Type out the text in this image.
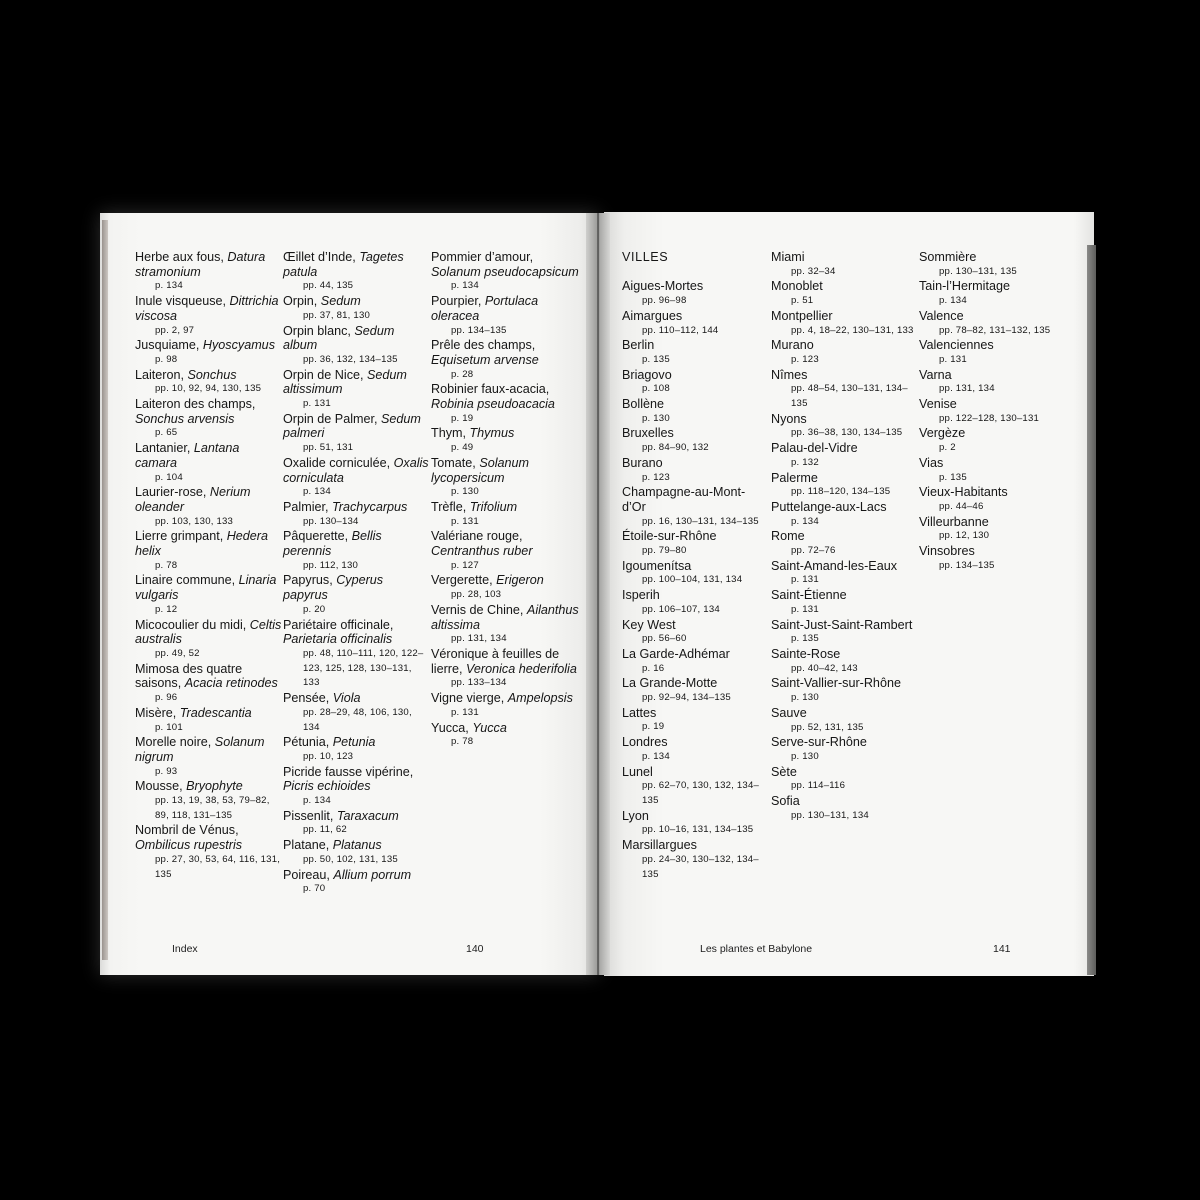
Herbe aux fous, Datura stramonium
p. 134
Inule visqueuse, Dittrichia viscosa
pp. 2, 97
Jusquiame, Hyoscyamus
p. 98
Laiteron, Sonchus
pp. 10, 92, 94, 130, 135
Laiteron des champs, Sonchus arvensis
p. 65
Lantanier, Lantana camara
p. 104
Laurier-rose, Nerium oleander
pp. 103, 130, 133
Lierre grimpant, Hedera helix
p. 78
Linaire commune, Linaria vulgaris
p. 12
Micocoulier du midi, Celtis australis
pp. 49, 52
Mimosa des quatre saisons, Acacia retinodes
p. 96
Misère, Tradescantia
p. 101
Morelle noire, Solanum nigrum
p. 93
Mousse, Bryophyte
pp. 13, 19, 38, 53, 79–82, 89, 118, 131–135
Nombril de Vénus, Ombilicus rupestris
pp. 27, 30, 53, 64, 116, 131, 135
Œillet d’Inde, Tagetes patula
pp. 44, 135
Orpin, Sedum
pp. 37, 81, 130
Orpin blanc, Sedum album
pp. 36, 132, 134–135
Orpin de Nice, Sedum altissimum
p. 131
Orpin de Palmer, Sedum palmeri
pp. 51, 131
Oxalide corniculée, Oxalis corniculata
p. 134
Palmier, Trachycarpus
pp. 130–134
Pâquerette, Bellis perennis
pp. 112, 130
Papyrus, Cyperus papyrus
p. 20
Pariétaire officinale, Parietaria officinalis
pp. 48, 110–111, 120, 122–123, 125, 128, 130–131, 133
Pensée, Viola
pp. 28–29, 48, 106, 130, 134
Pétunia, Petunia
pp. 10, 123
Picride fausse vipérine, Picris echioides
p. 134
Pissenlit, Taraxacum
pp. 11, 62
Platane, Platanus
pp. 50, 102, 131, 135
Poireau, Allium porrum
p. 70
Pommier d’amour, Solanum pseudocapsicum
p. 134
Pourpier, Portulaca oleracea
pp. 134–135
Prêle des champs, Equisetum arvense
p. 28
Robinier faux-acacia, Robinia pseudoacacia
p. 19
Thym, Thymus
p. 49
Tomate, Solanum lycopersicum
p. 130
Trèfle, Trifolium
p. 131
Valériane rouge, Centranthus ruber
p. 127
Vergerette, Erigeron
pp. 28, 103
Vernis de Chine, Ailanthus altissima
pp. 131, 134
Véronique à feuilles de lierre, Veronica hederifolia
pp. 133–134
Vigne vierge, Ampelopsis
p. 131
Yucca, Yucca
p. 78
VILLES
Aigues-Mortes
pp. 96–98
Aimargues
pp. 110–112, 144
Berlin
p. 135
Briagovo
p. 108
Bollène
p. 130
Bruxelles
pp. 84–90, 132
Burano
p. 123
Champagne-au-Mont-d’Or
pp. 16, 130–131, 134–135
Étoile-sur-Rhône
pp. 79–80
Igoumenítsa
pp. 100–104, 131, 134
Isperih
pp. 106–107, 134
Key West
pp. 56–60
La Garde-Adhémar
p. 16
La Grande-Motte
pp. 92–94, 134–135
Lattes
p. 19
Londres
p. 134
Lunel
pp. 62–70, 130, 132, 134–135
Lyon
pp. 10–16, 131, 134–135
Marsillargues
pp. 24–30, 130–132, 134–135
Miami
pp. 32–34
Monoblet
p. 51
Montpellier
pp. 4, 18–22, 130–131, 133
Murano
p. 123
Nîmes
pp. 48–54, 130–131, 134–135
Nyons
pp. 36–38, 130, 134–135
Palau-del-Vidre
p. 132
Palerme
pp. 118–120, 134–135
Puttelange-aux-Lacs
p. 134
Rome
pp. 72–76
Saint-Amand-les-Eaux
p. 131
Saint-Étienne
p. 131
Saint-Just-Saint-Rambert
p. 135
Sainte-Rose
pp. 40–42, 143
Saint-Vallier-sur-Rhône
p. 130
Sauve
pp. 52, 131, 135
Serve-sur-Rhône
p. 130
Sète
pp. 114–116
Sofia
pp. 130–131, 134
Sommière
pp. 130–131, 135
Tain-l’Hermitage
p. 134
Valence
pp. 78–82, 131–132, 135
Valenciennes
p. 131
Varna
pp. 131, 134
Venise
pp. 122–128, 130–131
Vergèze
p. 2
Vias
p. 135
Vieux-Habitants
pp. 44–46
Villeurbanne
pp. 12, 130
Vinsobres
pp. 134–135
Index	140	Les plantes et Babylone	141
